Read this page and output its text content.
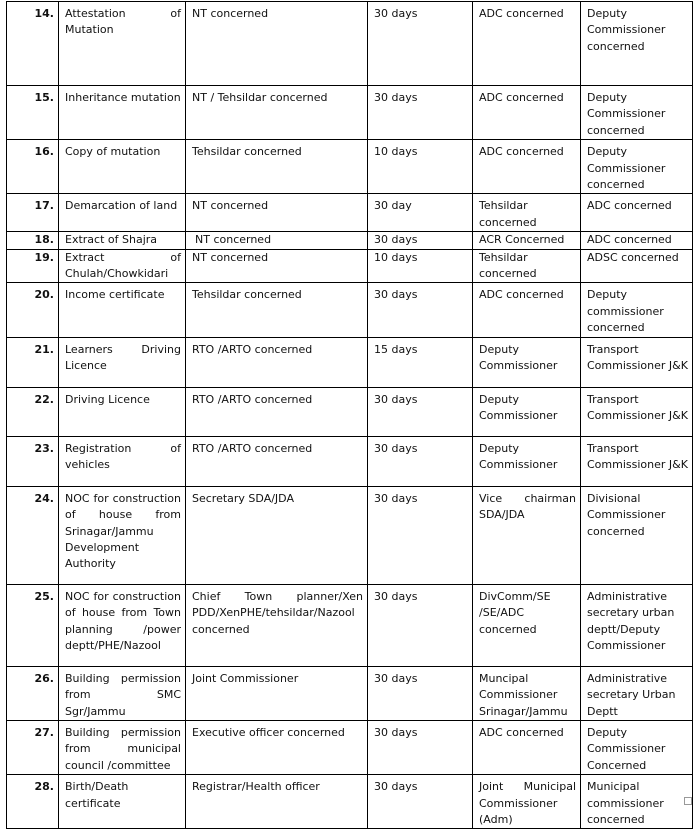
14.	Attestation of Mutation	NT concerned	30 days	ADC concerned	Deputy Commissioner concerned
15.	Inheritance mutation	NT / Tehsildar concerned	30 days	ADC concerned	Deputy Commissioner concerned
16.	Copy of mutation	Tehsildar concerned	10 days	ADC concerned	Deputy Commissioner concerned
17.	Demarcation of land	NT concerned	30 day	Tehsildar concerned	ADC concerned
18.	Extract of Shajra	NT concerned	30 days	ACR Concerned	ADC concerned
19.	Extract of Chulah/Chowkidari	NT concerned	10 days	Tehsildar concerned	ADSC concerned
20.	Income certificate	Tehsildar concerned	30 days	ADC concerned	Deputy commissioner concerned
21.	Learners Driving Licence	RTO /ARTO concerned	15 days	Deputy Commissioner	Transport Commissioner J&K
22.	Driving Licence	RTO /ARTO concerned	30 days	Deputy Commissioner	Transport Commissioner J&K
23.	Registration of vehicles	RTO /ARTO concerned	30 days	Deputy Commissioner	Transport Commissioner J&K
24.	NOC for construction of house from Srinagar/Jammu Development Authority	Secretary SDA/JDA	30 days	Vice chairman SDA/JDA	Divisional Commissioner concerned
25.	NOC for construction of house from Town planning /power deptt/PHE/Nazool	Chief Town planner/Xen PDD/XenPHE/tehsildar/Nazool concerned	30 days	DivComm/SE /SE/ADC concerned	Administrative secretary urban deptt/Deputy Commissioner
26.	Building permission from SMC Sgr/Jammu	Joint Commissioner	30 days	Muncipal Commissioner Srinagar/Jammu	Administrative secretary Urban Deptt
27.	Building permission from municipal council /committee	Executive officer concerned	30 days	ADC concerned	Deputy Commissioner Concerned
28.	Birth/Death certificate	Registrar/Health officer	30 days	Joint Municipal Commissioner (Adm)	Municipal commissioner concerned
